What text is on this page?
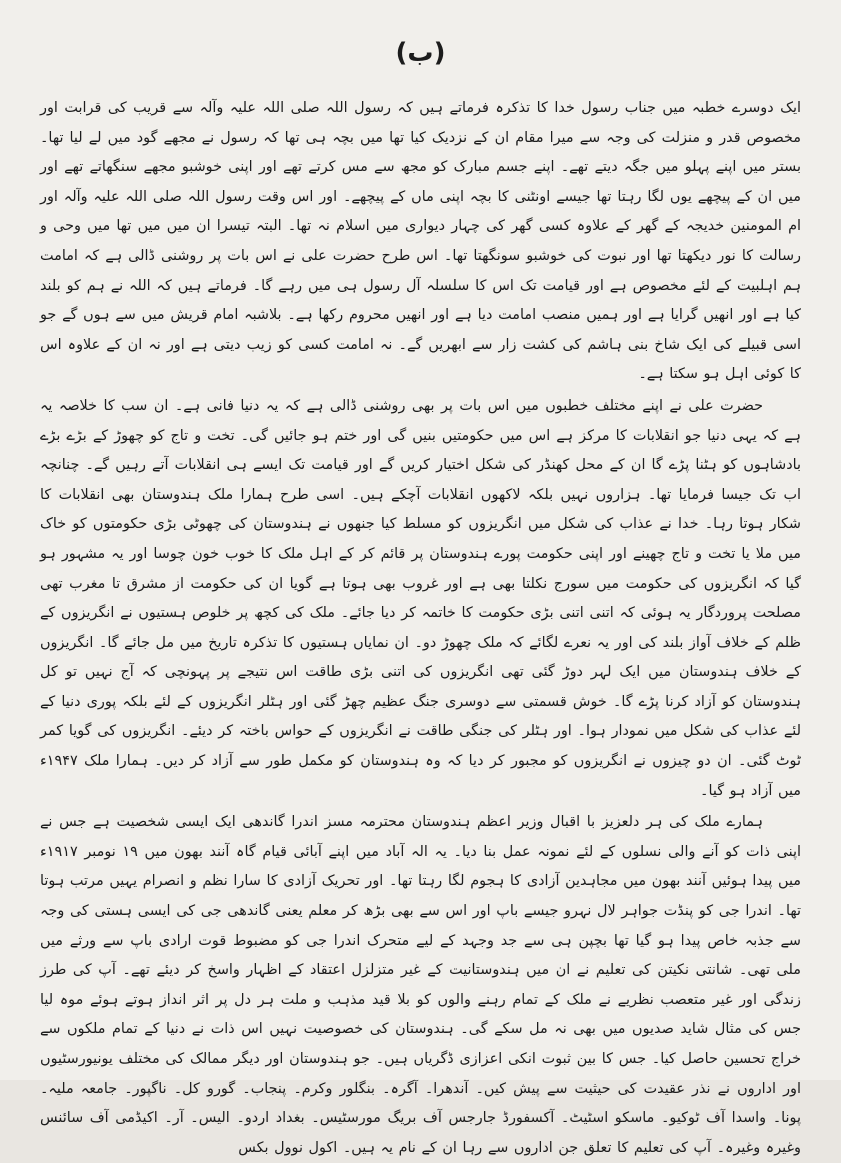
(ب)

ایک دوسرے خطبہ میں جناب رسول خدا کا تذکرہ فرماتے ہیں کہ رسول اللہ صلی اللہ علیہ وآلہ سے قریب کی قرابت اور مخصوص قدر و منزلت کی وجہ سے میرا مقام ان کے نزدیک کیا تھا میں بچہ ہی تھا کہ رسول نے مجھے گود میں لے لیا تھا۔ بستر میں اپنے پہلو میں جگہ دیتے تھے۔ اپنے جسم مبارک کو مجھ سے مس کرتے تھے اور اپنی خوشبو مجھے سنگھاتے تھے اور میں ان کے پیچھے یوں لگا رہتا تھا جیسے اونٹنی کا بچہ اپنی ماں کے پیچھے۔ اور اس وقت رسول اللہ صلی اللہ علیہ وآلہ اور ام المومنین خدیجہ کے گھر کے علاوہ کسی گھر کی چہار دیواری میں اسلام نہ تھا۔ البتہ تیسرا ان میں میں تھا میں وحی و رسالت کا نور دیکھتا تھا اور نبوت کی خوشبو سونگھتا تھا۔ اس طرح حضرت علی نے اس بات پر روشنی ڈالی ہے کہ امامت ہم اہلبیت کے لئے مخصوص ہے اور قیامت تک اس کا سلسلہ آل رسول ہی میں رہے گا۔ فرماتے ہیں کہ اللہ نے ہم کو بلند کیا ہے اور انھیں گرایا ہے اور ہمیں منصب امامت دیا ہے اور انھیں محروم رکھا ہے۔ بلاشبہ امام قریش میں سے ہوں گے جو اسی قبیلے کی ایک شاخ بنی ہاشم کی کشت زار سے ابھریں گے۔ نہ امامت کسی کو زیب دیتی ہے اور نہ ان کے علاوہ اس کا کوئی اہل ہو سکتا ہے۔

حضرت علی نے اپنے مختلف خطبوں میں اس بات پر بھی روشنی ڈالی ہے کہ یہ دنیا فانی ہے۔ ان سب کا خلاصہ یہ ہے کہ یہی دنیا جو انقلابات کا مرکز ہے اس میں حکومتیں بنیں گی اور ختم ہو جائیں گی۔ تخت و تاج کو چھوڑ کے بڑے بڑے بادشاہوں کو ہٹنا پڑے گا ان کے محل کھنڈر کی شکل اختیار کریں گے اور قیامت تک ایسے ہی انقلابات آتے رہیں گے۔ چنانچہ اب تک جیسا فرمایا تھا۔ ہزاروں نہیں بلکہ لاکھوں انقلابات آچکے ہیں۔ اسی طرح ہمارا ملک ہندوستان بھی انقلابات کا شکار ہوتا رہا۔ خدا نے عذاب کی شکل میں انگریزوں کو مسلط کیا جنھوں نے ہندوستان کی چھوٹی بڑی حکومتوں کو خاک میں ملا یا تخت و تاج چھینے اور اپنی حکومت پورے ہندوستان پر قائم کر کے اہل ملک کا خوب خون چوسا اور یہ مشہور ہو گیا کہ انگریزوں کی حکومت میں سورج نکلتا بھی ہے اور غروب بھی ہوتا ہے گویا ان کی حکومت از مشرق تا مغرب تھی مصلحت پروردگار یہ ہوئی کہ اتنی اتنی بڑی حکومت کا خاتمہ کر دیا جائے۔ ملک کی کچھ پر خلوص ہستیوں نے انگریزوں کے ظلم کے خلاف آواز بلند کی اور یہ نعرے لگائے کہ ملک چھوڑ دو۔ ان نمایاں ہستیوں کا تذکرہ تاریخ میں مل جائے گا۔ انگریزوں کے خلاف ہندوستان میں ایک لہر دوڑ گئی تھی انگریزوں کی اتنی بڑی طاقت اس نتیجے پر پہونچی کہ آج نہیں تو کل ہندوستان کو آزاد کرنا پڑے گا۔ خوش قسمتی سے دوسری جنگ عظیم چھڑ گئی اور ہٹلر انگریزوں کے لئے بلکہ پوری دنیا کے لئے عذاب کی شکل میں نمودار ہوا۔ اور ہٹلر کی جنگی طاقت نے انگریزوں کے حواس باختہ کر دیئے۔ انگریزوں کی گویا کمر ٹوٹ گئی۔ ان دو چیزوں نے انگریزوں کو مجبور کر دیا کہ وہ ہندوستان کو مکمل طور سے آزاد کر دیں۔ ہمارا ملک ۱۹۴۷ء میں آزاد ہو گیا۔

ہمارے ملک کی ہر دلعزیز با اقبال وزیر اعظم ہندوستان محترمہ مسز اندرا گاندھی ایک ایسی شخصیت ہے جس نے اپنی ذات کو آنے والی نسلوں کے لئے نمونہ عمل بنا دیا۔ یہ الہ آباد میں اپنے آبائی قیام گاہ آنند بھون میں ۱۹ نومبر ۱۹۱۷ء میں پیدا ہوئیں آنند بھون میں مجاہدین آزادی کا ہجوم لگا رہتا تھا۔ اور تحریک آزادی کا سارا نظم و انصرام یہیں مرتب ہوتا تھا۔ اندرا جی کو پنڈت جواہر لال نہرو جیسے باپ اور اس سے بھی بڑھ کر معلم یعنی گاندھی جی کی ایسی ہستی کی وجہ سے جذبہ خاص پیدا ہو گیا تھا بچپن ہی سے جد وجہد کے لیے متحرک اندرا جی کو مضبوط قوت ارادی باپ سے ورثے میں ملی تھی۔ شانتی نکیتن کی تعلیم نے ان میں ہندوستانیت کے غیر متزلزل اعتقاد کے اظہار واسخ کر دیئے تھے۔ آپ کی طرز زندگی اور غیر متعصب نظریے نے ملک کے تمام رہنے والوں کو بلا قید مذہب و ملت ہر دل پر اثر انداز ہوتے ہوئے موہ لیا جس کی مثال شاید صدیوں میں بھی نہ مل سکے گی۔ ہندوستان کی خصوصیت نہیں اس ذات نے دنیا کے تمام ملکوں سے خراج تحسین حاصل کیا۔ جس کا بین ثبوت انکی اعزازی ڈگریاں ہیں۔ جو ہندوستان اور دیگر ممالک کی مختلف یونیورسٹیوں اور اداروں نے نذر عقیدت کی حیثیت سے پیش کیں۔ آندھرا۔ آگرہ۔ بنگلور وکرم۔ پنجاب۔ گورو کل۔ ناگپور۔ جامعہ ملیہ۔ پونا۔ واسدا آف ٹوکیو۔ ماسکو اسٹیٹ۔ آکسفورڈ جارجس آف بریگ مورسٹیس۔ بغداد اردو۔ الیس۔ آر۔ اکیڈمی آف سائنس وغیرہ وغیرہ۔ آپ کی تعلیم کا تعلق جن اداروں سے رہا ان کے نام یہ ہیں۔ اکول نوول بکس
